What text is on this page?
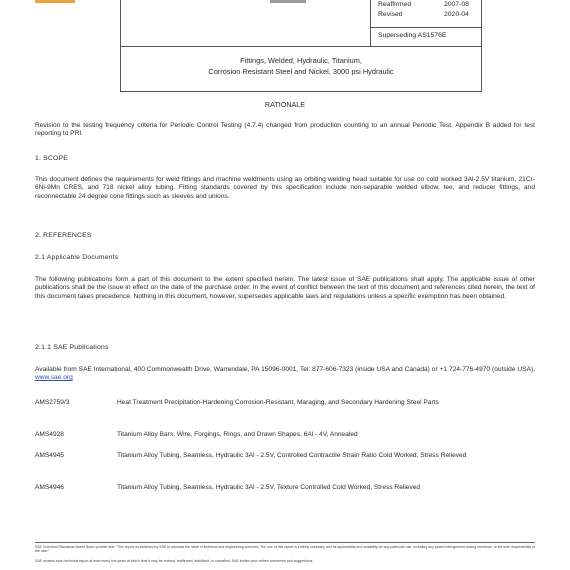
Reaffirmed	2007-08
Revised	2020-04
Superseding AS1576E
Fittings, Welded, Hydraulic, Titanium,
Corrosion Resistant Steel and Nickel, 3000 psi Hydraulic
RATIONALE
Revision to the testing frequency criteria for Periodic Control Testing (4.7.4) changed from production counting to an annual Periodic Test. Appendix B added for test reporting to PRI.
1. SCOPE
This document defines the requirements for weld fittings and machine weldments using an orbiting welding head suitable for use on cold worked 3Al-2.5V titanium, 21Cr-6Ni-9Mn CRES, and 718 nickel alloy tubing. Fitting standards covered by this specification include non-separable welded elbow, tee, and reducer fittings, and reconnectable 24 degree cone fittings such as sleeves and unions.
2. REFERENCES
2.1 Applicable Documents
The following publications form a part of this document to the extent specified herein. The latest issue of SAE publications shall apply. The applicable issue of other publications shall be the issue in effect on the date of the purchase order. In the event of conflict between the text of this document and references cited herein, the text of this document takes precedence. Nothing in this document, however, supersedes applicable laws and regulations unless a specific exemption has been obtained.
2.1.1 SAE Publications
Available from SAE International, 400 Commonwealth Drive, Warrendale, PA 15096-0001, Tel: 877-606-7323 (inside USA and Canada) or +1 724-776-4970 (outside USA), www.sae.org
AMS2759/3	Heat Treatment Precipitation-Hardening Corrosion-Resistant, Maraging, and Secondary Hardening Steel Parts
AMS4928	Titanium Alloy Bars, Wire, Forgings, Rings, and Drawn Shapes, 6Al - 4V, Annealed
AMS4945	Titanium Alloy Tubing, Seamless, Hydraulic 3Al - 2.5V, Controlled Contractile Strain Ratio Cold Worked, Stress Relieved
AMS4946	Titanium Alloy Tubing, Seamless, Hydraulic 3Al - 2.5V, Texture Controlled Cold Worked, Stress Relieved
SAE Technical Standards Board Rules provide that: "This report is published by SAE to advance the state of technical and engineering sciences. The use of this report is entirely voluntary, and its applicability and suitability for any particular use, including any patent infringement arising therefrom, is the sole responsibility of the user."
SAE reviews each technical report at least every five years at which time it may be revised, reaffirmed, stabilized, or cancelled. SAE invites your written comments and suggestions.
